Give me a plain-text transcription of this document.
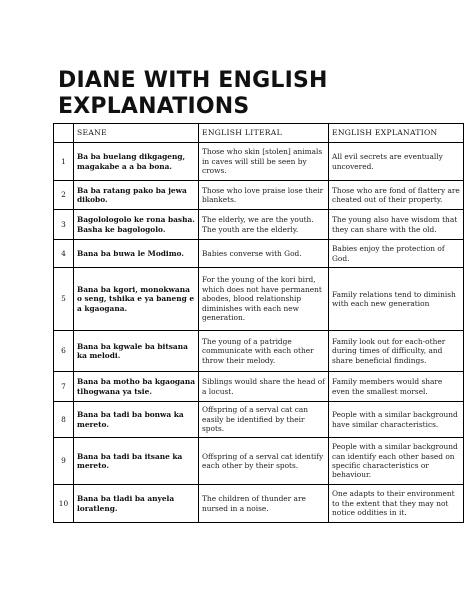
DIANE WITH ENGLISH EXPLANATIONS
	SEANE	ENGLISH LITERAL	ENGLISH EXPLANATION
1	Ba ba buelang dikgageng, magakabe a a ba bona.	Those who skin [stolen] animals in caves will still be seen by crows.	All evil secrets are eventually uncovered.
2	Ba ba ratang pako ba jewa dikobo.	Those who love praise lose their blankets.	Those who are fond of flattery are cheated out of their property.
3	Bagolologolo ke rona basha. Basha ke bagologolo.	The elderly, we are the youth. The youth are the elderly.	The young also have wisdom that they can share with the old.
4	Bana ba buwa le Modimo.	Babies converse with God.	Babies enjoy the protection of God.
5	Bana ba kgori, monokwana o seng, tshika e ya baneng e a kgaogana.	For the young of the kori bird, which does not have permanent abodes, blood relationship diminishes with each new generation.	Family relations tend to diminish with each new generation
6	Bana ba kgwale ba bitsana ka melodi.	The young of a patridge communicate with each other throw their melody.	Family look out for each-other during times of difficulty, and share beneficial findings.
7	Bana ba motho ba kgaogana tlhogwana ya tsie.	Siblings would share the head of a locust.	Family members would share even the smallest morsel.
8	Bana ba tadi ba bonwa ka mereto.	Offspring of a serval cat can easily be identified by their spots.	People with a similar background have similar characteristics.
9	Bana ba tadi ba itsane ka mereto.	Offspring of a serval cat identify each other by their spots.	People with a similar background can identify each other based on specific characteristics or behaviour.
10	Bana ba tladi ba anyela loratleng.	The children of thunder are nursed in a noise.	One adapts to their environment to the extent that they may not notice oddities in it.
